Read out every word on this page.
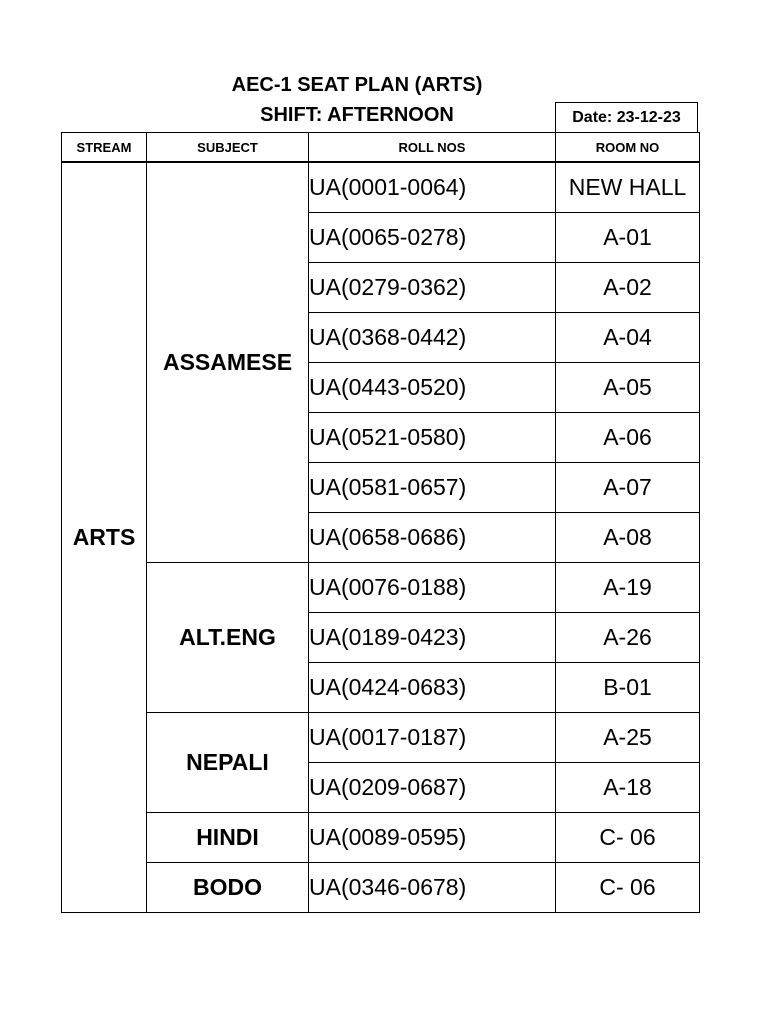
AEC-1 SEAT PLAN (ARTS)
SHIFT: AFTERNOON	Date: 23-12-23
STREAM	SUBJECT	ROLL NOS	ROOM NO
ARTS	ASSAMESE	UA(0001-0064)	NEW HALL
		UA(0065-0278)	A-01
		UA(0279-0362)	A-02
		UA(0368-0442)	A-04
		UA(0443-0520)	A-05
		UA(0521-0580)	A-06
		UA(0581-0657)	A-07
		UA(0658-0686)	A-08
	ALT.ENG	UA(0076-0188)	A-19
		UA(0189-0423)	A-26
		UA(0424-0683)	B-01
	NEPALI	UA(0017-0187)	A-25
		UA(0209-0687)	A-18
	HINDI	UA(0089-0595)	C- 06
	BODO	UA(0346-0678)	C- 06
